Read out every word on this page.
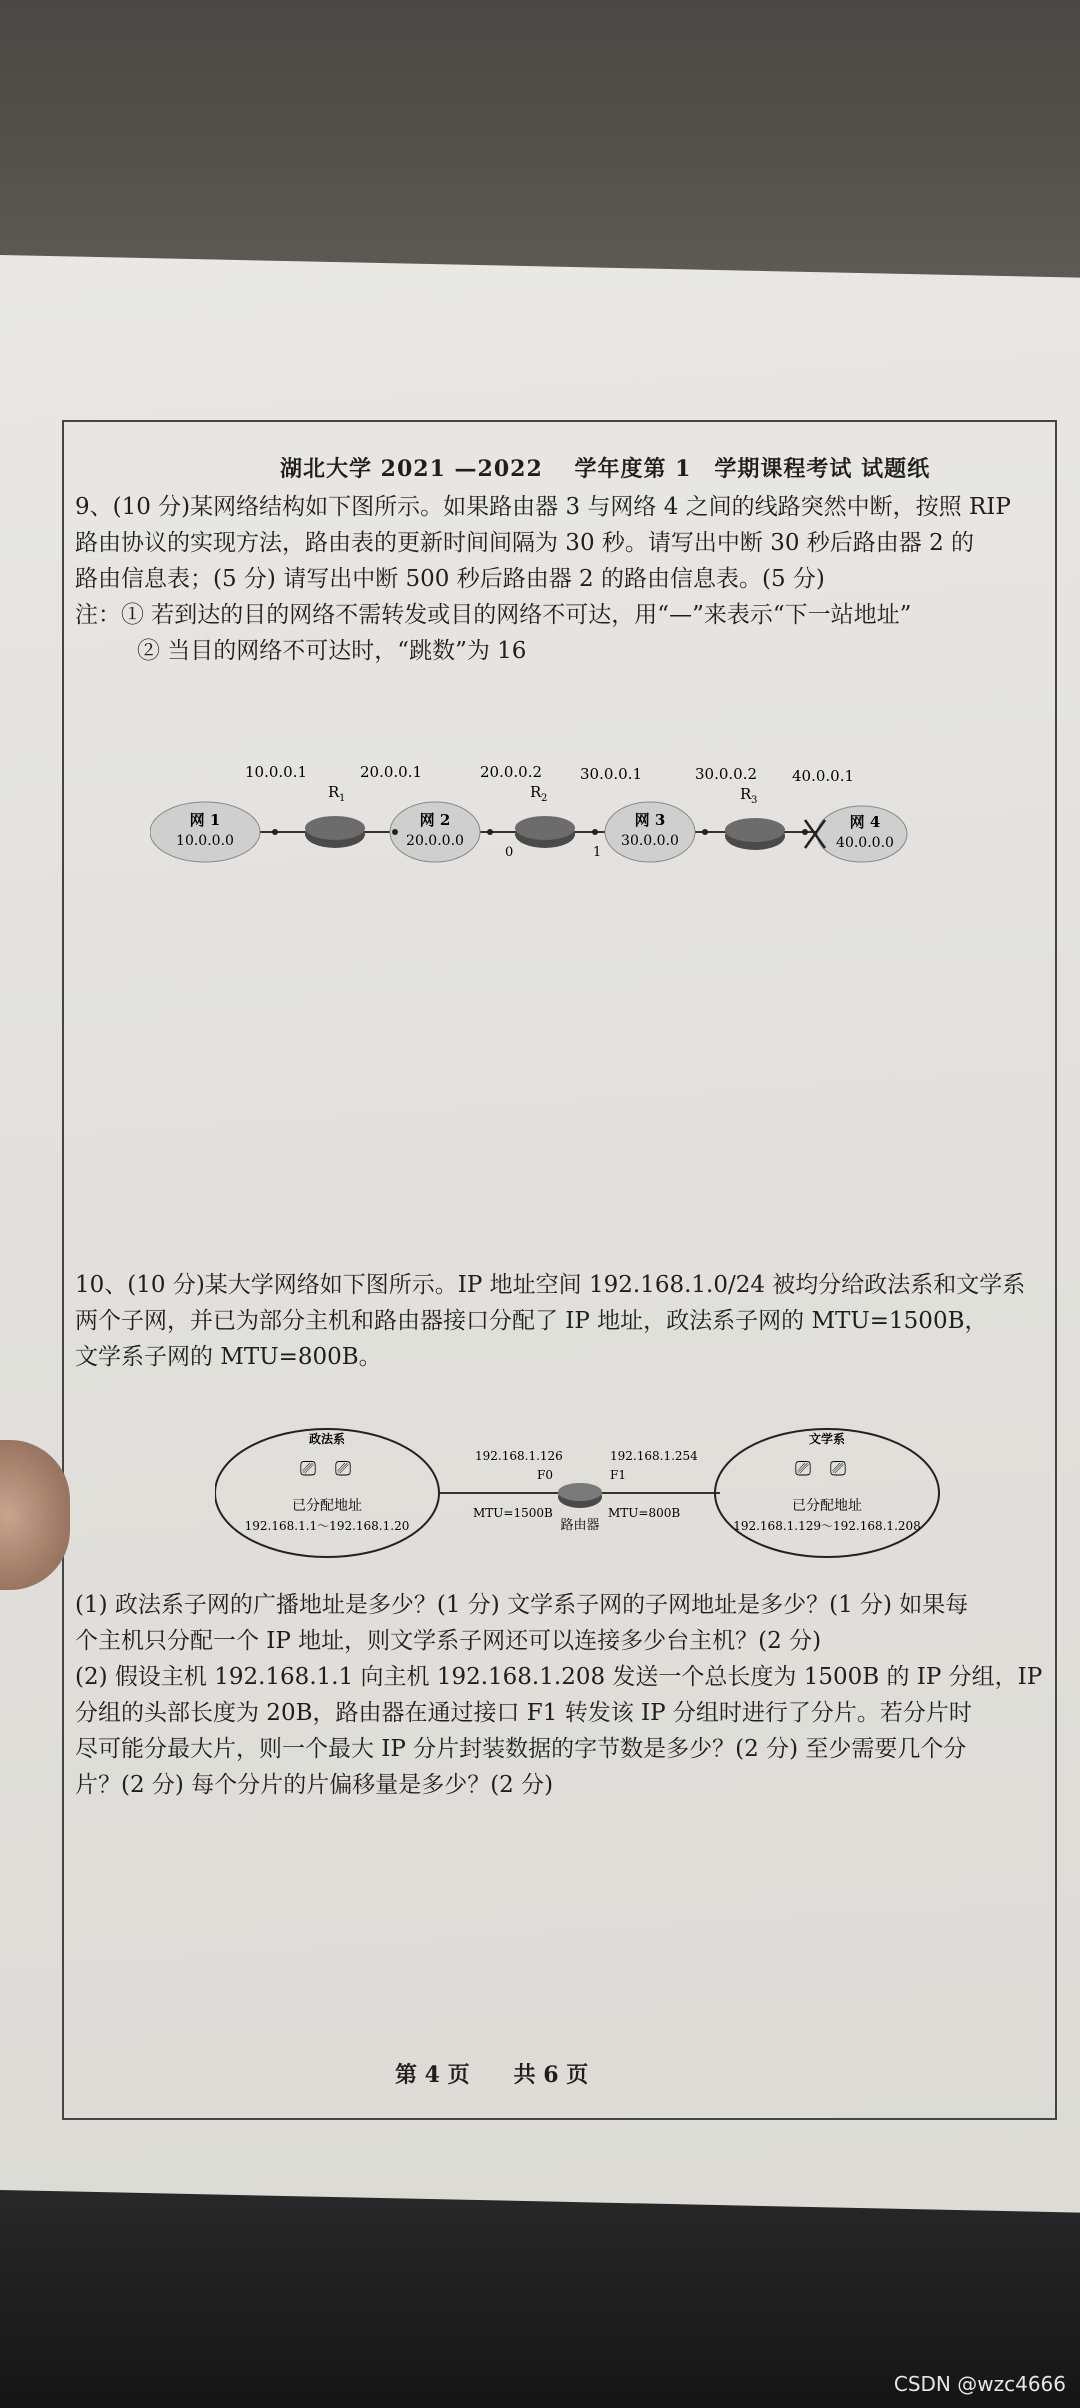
湖北大学 2021 —2022　 学年度第 1　学期课程考试 试题纸
9、(10 分)某网络结构如下图所示。如果路由器 3 与网络 4 之间的线路突然中断，按照 RIP
路由协议的实现方法，路由表的更新时间间隔为 30 秒。请写出中断 30 秒后路由器 2 的
路由信息表；(5 分) 请写出中断 500 秒后路由器 2 的路由信息表。(5 分)
注：① 若到达的目的网络不需转发或目的网络不可达，用“—”来表示“下一站地址”
② 当目的网络不可达时，“跳数”为 16
网 1
10.0.0.0
网 2
20.0.0.0
网 3
30.0.0.0
网 4
40.0.0.0
R 1	R 2	R 3
10.0.0.1	20.0.0.1	20.0.0.2	30.0.0.1	30.0.0.2 40.0.0.1
0	1
10、(10 分)某大学网络如下图所示。IP 地址空间 192.168.1.0/24 被均分给政法系和文学系
两个子网，并已为部分主机和路由器接口分配了 IP 地址，政法系子网的 MTU=1500B，
文学系子网的 MTU=800B。
政法系
⎚ ⎚
已分配地址
192.168.1.1～192.168.1.20
文学系
⎚ ⎚
已分配地址
192.168.1.129～192.168.1.208
路由器
192.168.1.126	192.168.1.254
F0	F1
MTU=1500B	MTU=800B
(1) 政法系子网的广播地址是多少？(1 分) 文学系子网的子网地址是多少？(1 分) 如果每
个主机只分配一个 IP 地址，则文学系子网还可以连接多少台主机？(2 分)
(2) 假设主机 192.168.1.1 向主机 192.168.1.208 发送一个总长度为 1500B 的 IP 分组，IP
分组的头部长度为 20B，路由器在通过接口 F1 转发该 IP 分组时进行了分片。若分片时
尽可能分最大片，则一个最大 IP 分片封装数据的字节数是多少？(2 分) 至少需要几个分
片？(2 分) 每个分片的片偏移量是多少？(2 分)
第 4 页　　共 6 页
CSDN @wzc4666
